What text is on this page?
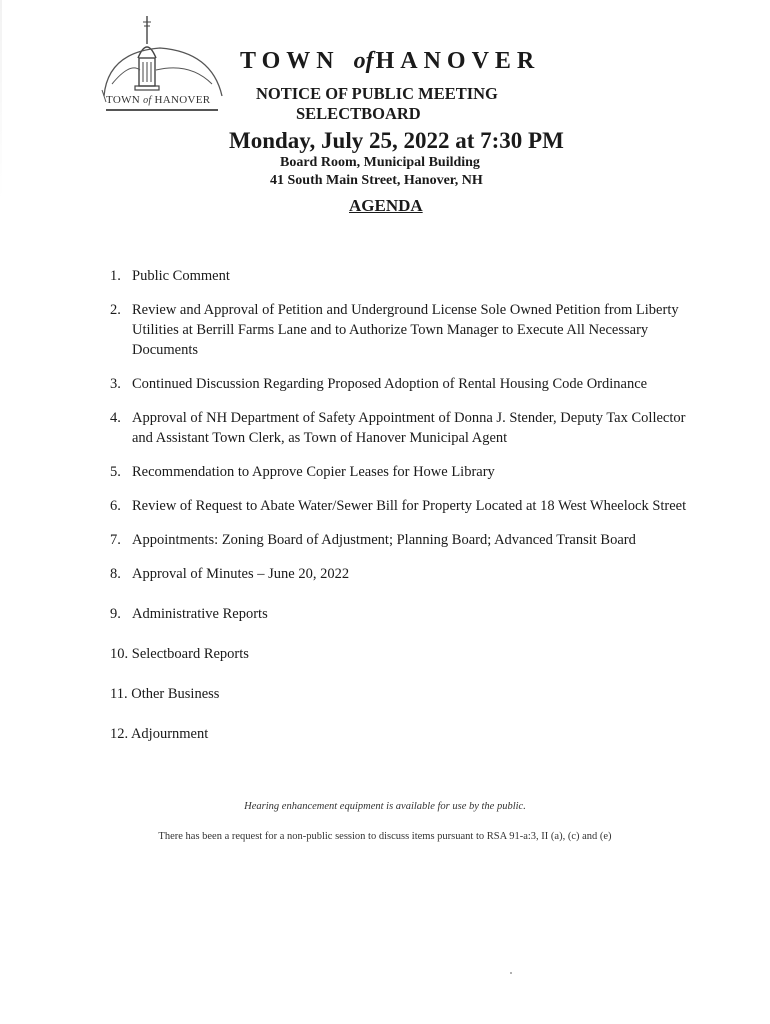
TOWN of HANOVER
TOWN ofHANOVER
NOTICE OF PUBLIC MEETING
SELECTBOARD
Monday, July 25, 2022 at 7:30 PM
Board Room, Municipal Building
41 South Main Street, Hanover, NH
AGENDA
1. Public Comment
2. Review and Approval of Petition and Underground License Sole Owned Petition from Liberty Utilities at Berrill Farms Lane and to Authorize Town Manager to Execute All Necessary Documents
3. Continued Discussion Regarding Proposed Adoption of Rental Housing Code Ordinance
4. Approval of NH Department of Safety Appointment of Donna J. Stender, Deputy Tax Collector and Assistant Town Clerk, as Town of Hanover Municipal Agent
5. Recommendation to Approve Copier Leases for Howe Library
6. Review of Request to Abate Water/Sewer Bill for Property Located at 18 West Wheelock Street
7. Appointments: Zoning Board of Adjustment; Planning Board; Advanced Transit Board
8. Approval of Minutes – June 20, 2022
9. Administrative Reports
10. Selectboard Reports
11. Other Business
12. Adjournment
Hearing enhancement equipment is available for use by the public.
There has been a request for a non-public session to discuss items pursuant to RSA 91-a:3, II (a), (c) and (e)
